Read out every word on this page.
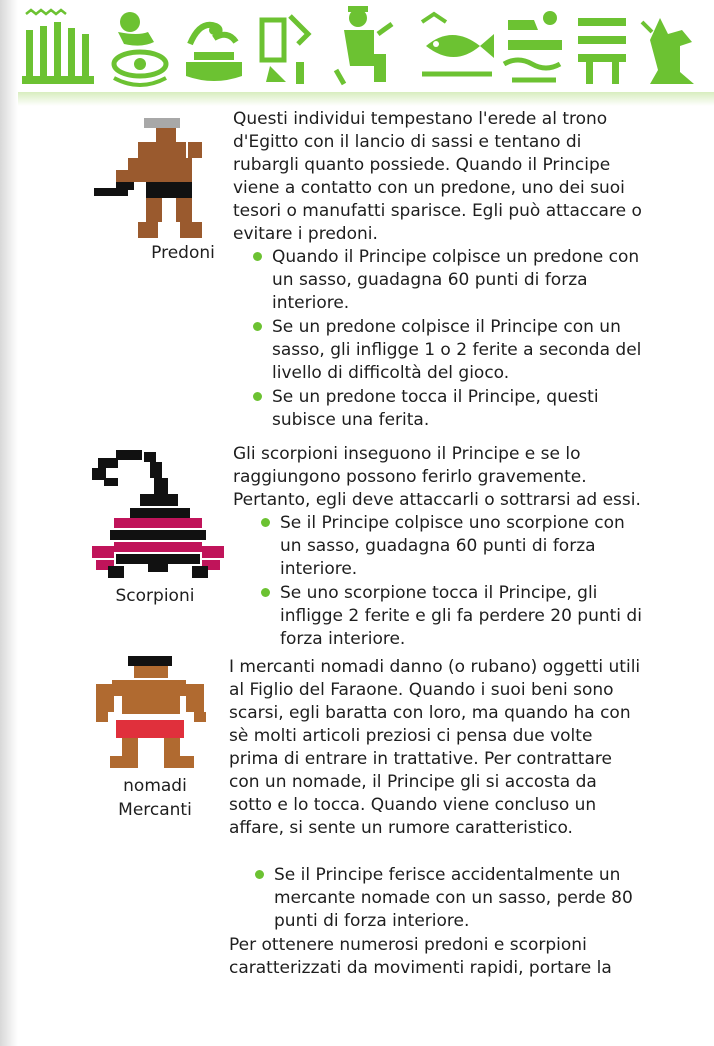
Predoni

Questi individui tempestano l'erede al trono d'Egitto con il lancio di sassi e tentano di rubargli quanto possiede. Quando il Principe viene a contatto con un predone, uno dei suoi tesori o manufatti sparisce. Egli può attaccare o evitare i predoni.

Quando il Principe colpisce un predone con un sasso, guadagna 60 punti di forza interiore.
Se un predone colpisce il Principe con un sasso, gli infligge 1 o 2 ferite a seconda del livello di difficoltà del gioco.
Se un predone tocca il Principe, questi subisce una ferita.
Scorpioni

Gli scorpioni inseguono il Principe e se lo raggiungono possono ferirlo gravemente. Pertanto, egli deve attaccarli o sottrarsi ad essi.

Se il Principe colpisce uno scorpione con un sasso, guadagna 60 punti di forza interiore.
Se uno scorpione tocca il Principe, gli infligge 2 ferite e gli fa perdere 20 punti di forza interiore.
nomadi
Mercanti

I mercanti nomadi danno (o rubano) oggetti utili al Figlio del Faraone. Quando i suoi beni sono scarsi, egli baratta con loro, ma quando ha con sè molti articoli preziosi ci pensa due volte prima di entrare in trattative. Per contrattare con un nomade, il Principe gli si accosta da sotto e lo tocca. Quando viene concluso un affare, si sente un rumore caratteristico.

Se il Principe ferisce accidentalmente un mercante nomade con un sasso, perde 80 punti di forza interiore.

Per ottenere numerosi predoni e scorpioni caratterizzati da movimenti rapidi, portare la
